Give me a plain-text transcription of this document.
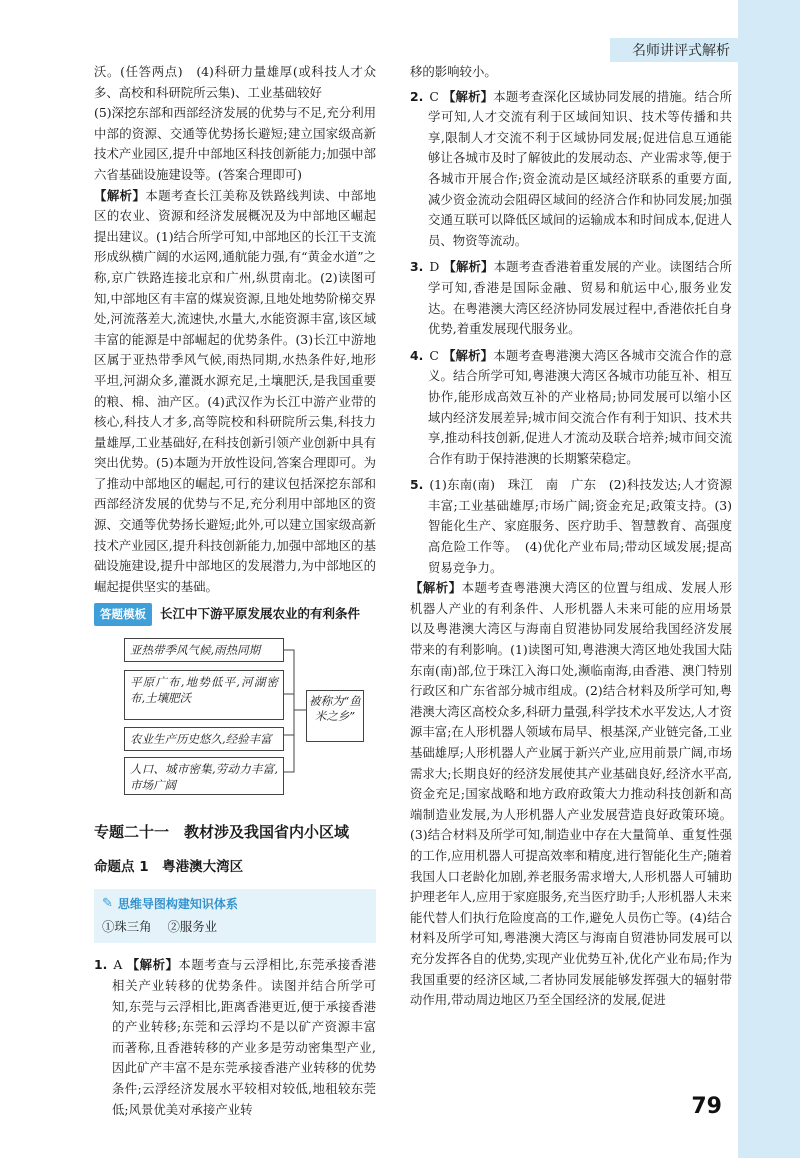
名师讲评式解析

沃。(任答两点)　(4)科研力量雄厚(或科技人才众多、高校和科研院所云集)、工业基础较好

(5)深挖东部和西部经济发展的优势与不足,充分利用中部的资源、交通等优势扬长避短;建立国家级高新技术产业园区,提升中部地区科技创新能力;加强中部六省基础设施建设等。(答案合理即可)

【解析】本题考查长江美称及铁路线判读、中部地区的农业、资源和经济发展概况及为中部地区崛起提出建议。(1)结合所学可知,中部地区的长江干支流形成纵横广阔的水运网,通航能力强,有“黄金水道”之称,京广铁路连接北京和广州,纵贯南北。(2)读图可知,中部地区有丰富的煤炭资源,且地处地势阶梯交界处,河流落差大,流速快,水量大,水能资源丰富,该区域丰富的能源是中部崛起的优势条件。(3)长江中游地区属于亚热带季风气候,雨热同期,水热条件好,地形平坦,河湖众多,灌溉水源充足,土壤肥沃,是我国重要的粮、棉、油产区。(4)武汉作为长江中游产业带的核心,科技人才多,高等院校和科研院所云集,科技力量雄厚,工业基础好,在科技创新引领产业创新中具有突出优势。(5)本题为开放性设问,答案合理即可。为了推动中部地区的崛起,可行的建议包括深挖东部和西部经济发展的优势与不足,充分利用中部地区的资源、交通等优势扬长避短;此外,可以建立国家级高新技术产业园区,提升科技创新能力,加强中部地区的基础设施建设,提升中部地区的发展潜力,为中部地区的崛起提供坚实的基础。

答题模板	长江中下游平原发展农业的有利条件
亚热带季风气候,雨热同期
平原广布,地势低平,河湖密布,土壤肥沃
农业生产历史悠久,经验丰富
人口、城市密集,劳动力丰富,市场广阔
被称为“鱼米之乡”
专题二十一　教材涉及我国省内小区域
命题点 1　粤港澳大湾区
✎ 思维导图构建知识体系
①珠三角 ②服务业

1. A 【解析】本题考查与云浮相比,东莞承接香港相关产业转移的优势条件。读图并结合所学可知,东莞与云浮相比,距离香港更近,便于承接香港的产业转移;东莞和云浮均不是以矿产资源丰富而著称,且香港转移的产业多是劳动密集型产业,因此矿产丰富不是东莞承接香港产业转移的优势条件;云浮经济发展水平较相对较低,地租较东莞低;风景优美对承接产业转

移的影响较小。

2. C 【解析】本题考查深化区域协同发展的措施。结合所学可知,人才交流有利于区域间知识、技术等传播和共享,限制人才交流不利于区域协同发展;促进信息互通能够让各城市及时了解彼此的发展动态、产业需求等,便于各城市开展合作;资金流动是区域经济联系的重要方面,减少资金流动会阻碍区域间的经济合作和协同发展;加强交通互联可以降低区域间的运输成本和时间成本,促进人员、物资等流动。

3. D 【解析】本题考查香港着重发展的产业。读图结合所学可知,香港是国际金融、贸易和航运中心,服务业发达。在粤港澳大湾区经济协同发展过程中,香港依托自身优势,着重发展现代服务业。

4. C 【解析】本题考查粤港澳大湾区各城市交流合作的意义。结合所学可知,粤港澳大湾区各城市功能互补、相互协作,能形成高效互补的产业格局;协同发展可以缩小区域内经济发展差异;城市间交流合作有利于知识、技术共享,推动科技创新,促进人才流动及联合培养;城市间交流合作有助于保持港澳的长期繁荣稳定。

5. (1)东南(南)　珠江　南　广东　(2)科技发达;人才资源丰富;工业基础雄厚;市场广阔;资金充足;政策支持。(3)智能化生产、家庭服务、医疗助手、智慧教育、高强度高危险工作等。　(4)优化产业布局;带动区域发展;提高贸易竞争力。

【解析】本题考查粤港澳大湾区的位置与组成、发展人形机器人产业的有利条件、人形机器人未来可能的应用场景以及粤港澳大湾区与海南自贸港协同发展给我国经济发展带来的有利影响。(1)读图可知,粤港澳大湾区地处我国大陆东南(南)部,位于珠江入海口处,濒临南海,由香港、澳门特别行政区和广东省部分城市组成。(2)结合材料及所学可知,粤港澳大湾区高校众多,科研力量强,科学技术水平发达,人才资源丰富;在人形机器人领域布局早、根基深,产业链完备,工业基础雄厚;人形机器人产业属于新兴产业,应用前景广阔,市场需求大;长期良好的经济发展使其产业基础良好,经济水平高,资金充足;国家战略和地方政府政策大力推动科技创新和高端制造业发展,为人形机器人产业发展营造良好政策环境。(3)结合材料及所学可知,制造业中存在大量简单、重复性强的工作,应用机器人可提高效率和精度,进行智能化生产;随着我国人口老龄化加剧,养老服务需求增大,人形机器人可辅助护理老年人,应用于家庭服务,充当医疗助手;人形机器人未来能代替人们执行危险度高的工作,避免人员伤亡等。(4)结合材料及所学可知,粤港澳大湾区与海南自贸港协同发展可以充分发挥各自的优势,实现产业优势互补,优化产业布局;作为我国重要的经济区域,二者协同发展能够发挥强大的辐射带动作用,带动周边地区乃至全国经济的发展,促进

79
